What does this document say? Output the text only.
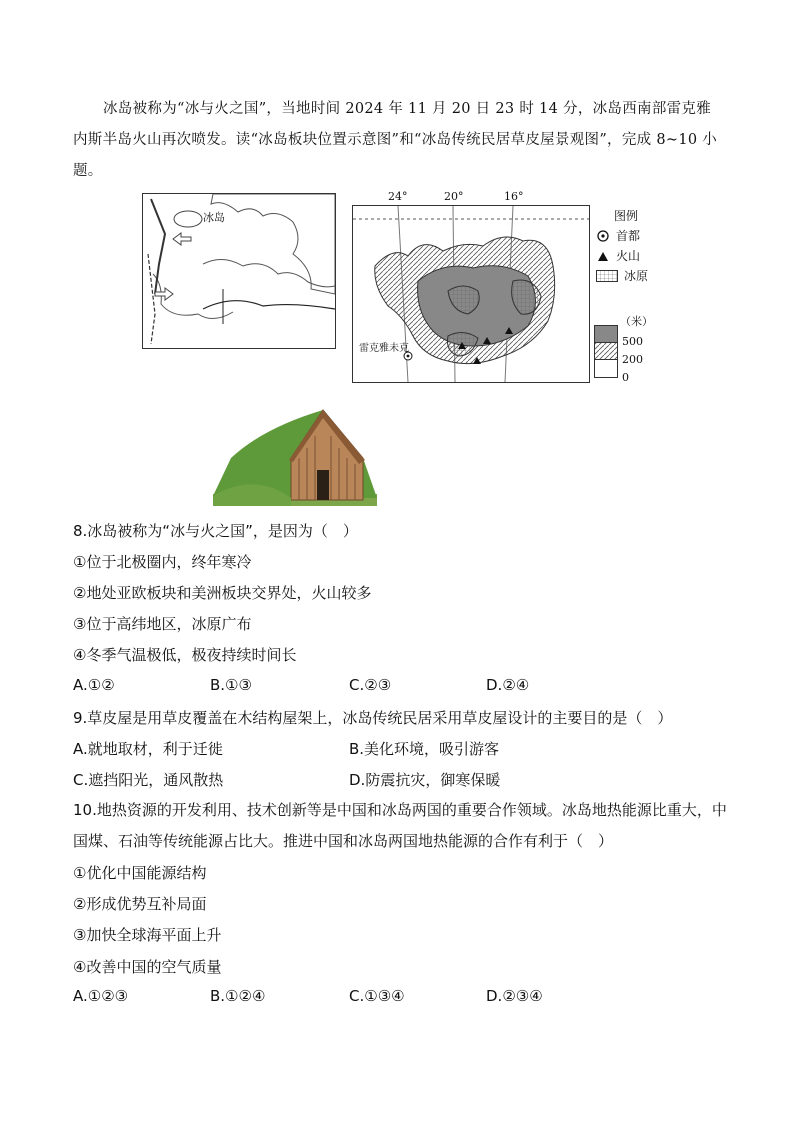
冰岛被称为“冰与火之国”，当地时间 2024 年 11 月 20 日 23 时 14 分，冰岛西南部雷克雅内斯半岛火山再次喷发。读“冰岛板块位置示意图”和“冰岛传统民居草皮屋景观图”，完成 8~10 小题。
冰岛
24°	20°	16°
雷克雅未克
图例
首都
火山
冰原
（米）
500
200
0
8.冰岛被称为“冰与火之国”，是因为（　）
①位于北极圈内，终年寒冷
②地处亚欧板块和美洲板块交界处，火山较多
③位于高纬地区，冰原广布
④冬季气温极低，极夜持续时间长
A.①②	B.①③	C.②③	D.②④
9.草皮屋是用草皮覆盖在木结构屋架上，冰岛传统民居采用草皮屋设计的主要目的是（　）
A.就地取材，利于迁徙	B.美化环境，吸引游客
C.遮挡阳光，通风散热	D.防震抗灾，御寒保暖
10.地热资源的开发利用、技术创新等是中国和冰岛两国的重要合作领域。冰岛地热能源比重大，中国煤、石油等传统能源占比大。推进中国和冰岛两国地热能源的合作有利于（　）
①优化中国能源结构
②形成优势互补局面
③加快全球海平面上升
④改善中国的空气质量
A.①②③	B.①②④	C.①③④	D.②③④
